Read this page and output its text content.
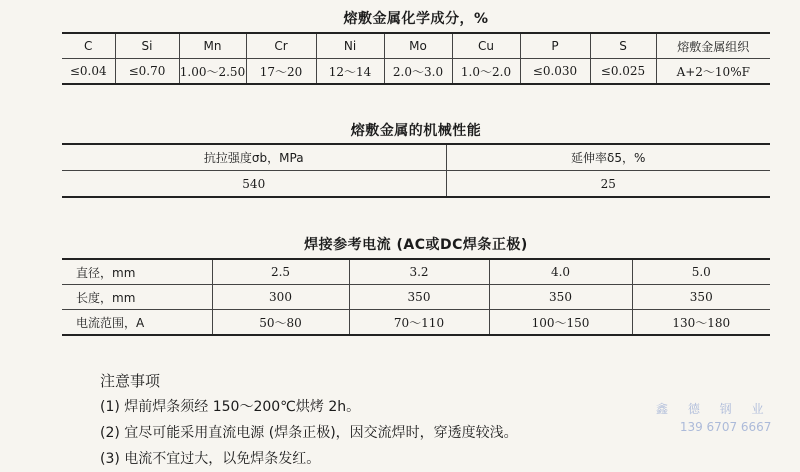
熔敷金属化学成分，%
C	Si	Mn	Cr	Ni	Mo	Cu	P	S	熔敷金属组织
≤0.04	≤0.70	1.00～2.50	17～20	12～14	2.0～3.0	1.0～2.0	≤0.030	≤0.025	A+2～10%F
熔敷金属的机械性能
抗拉强度σb，MPa	延伸率δ5，%
540	25
焊接参考电流 (AC或DC焊条正极)
直径，mm	2.5	3.2	4.0	5.0
长度，mm	300	350	350	350
电流范围，A	50～80	70～110	100～150	130～180
注意事项
(1) 焊前焊条须经 150～200℃烘烤 2h。
(2) 宜尽可能采用直流电源 (焊条正极)，因交流焊时，穿透度较浅。
(3) 电流不宜过大，以免焊条发红。
鑫 德 钢 业
139 6707 6667
